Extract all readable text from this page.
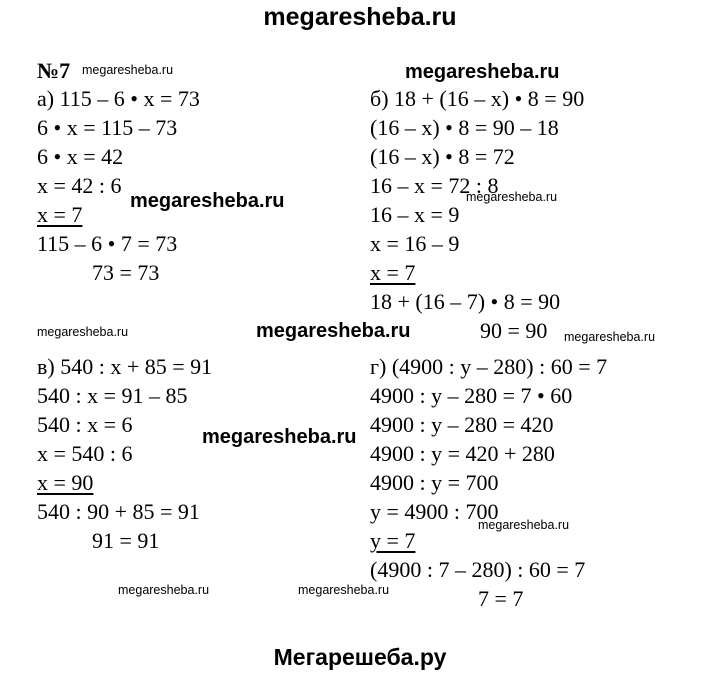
megaresheba.ru
№7
а) 115 – 6 • х = 73
6 • х = 115 – 73
6 • х = 42
х = 42 : 6
х = 7
115 – 6 • 7 = 73
73 = 73
б) 18 + (16 – х) • 8 = 90
(16 – х) • 8 = 90 – 18
(16 – х) • 8 = 72
16 – х = 72 : 8
16 – х = 9
х = 16 – 9
х = 7
18 + (16 – 7) • 8 = 90
90 = 90
в) 540 : х + 85 = 91
540 : х = 91 – 85
540 : х = 6
х = 540 : 6
х = 90
540 : 90 + 85 = 91
91 = 91
г) (4900 : у – 280) : 60 = 7
4900 : у – 280 = 7 • 60
4900 : у – 280 = 420
4900 : у = 420 + 280
4900 : у = 700
у = 4900 : 700
у = 7
(4900 : 7 – 280) : 60 = 7
7 = 7
megaresheba.ru	megaresheba.ru
megaresheba.ru	megaresheba.ru
megaresheba.ru	megaresheba.ru	megaresheba.ru
megaresheba.ru
megaresheba.ru
megaresheba.ru	megaresheba.ru
Мегарешеба.ру
